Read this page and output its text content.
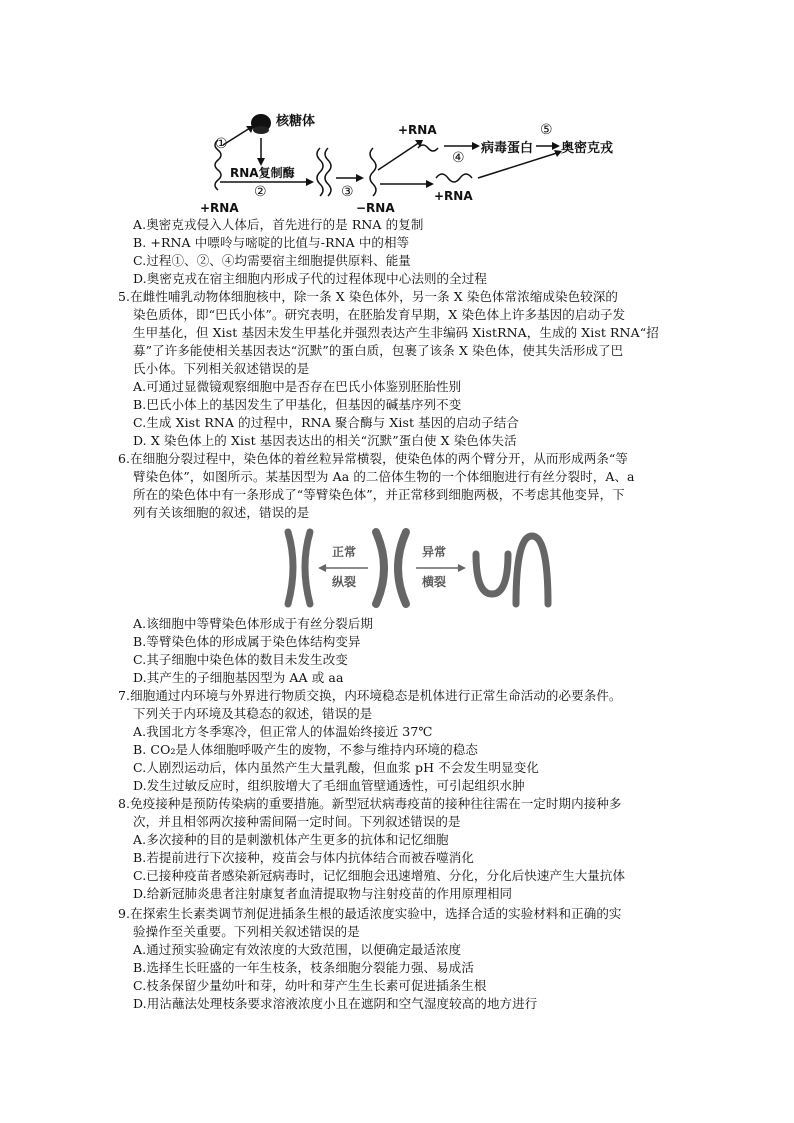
核糖体
①
+RNA
RNA复制酶
②	③
−RNA
+RNA
④
病毒蛋白
⑤
奥密克戎
+RNA
A.奥密克戎侵入人体后，首先进行的是 RNA 的复制
B. +RNA 中嘌呤与嘧啶的比值与-RNA 中的相等
C.过程①、②、④均需要宿主细胞提供原料、能量
D.奥密克戎在宿主细胞内形成子代的过程体现中心法则的全过程
5.在雌性哺乳动物体细胞核中，除一条 X 染色体外，另一条 X 染色体常浓缩成染色较深的
染色质体，即“巴氏小体”。研究表明，在胚胎发育早期，X 染色体上许多基因的启动子发
生甲基化，但 Xist 基因未发生甲基化并强烈表达产生非编码 XistRNA，生成的 Xist RNA“招
募”了许多能使相关基因表达“沉默”的蛋白质，包裹了该条 X 染色体，使其失活形成了巴
氏小体。下列相关叙述错误的是
A.可通过显微镜观察细胞中是否存在巴氏小体鉴别胚胎性别
B.巴氏小体上的基因发生了甲基化，但基因的碱基序列不变
C.生成 Xist RNA 的过程中，RNA 聚合酶与 Xist 基因的启动子结合
D. X 染色体上的 Xist 基因表达出的相关“沉默”蛋白使 X 染色体失活
6.在细胞分裂过程中，染色体的着丝粒异常横裂，使染色体的两个臂分开，从而形成两条“等
臂染色体”，如图所示。某基因型为 Aa 的二倍体生物的一个体细胞进行有丝分裂时，A、a
所在的染色体中有一条形成了“等臂染色体”，并正常移到细胞两极，不考虑其他变异，下
列有关该细胞的叙述，错误的是
正常
纵裂
异常
横裂
A.该细胞中等臂染色体形成于有丝分裂后期
B.等臂染色体的形成属于染色体结构变异
C.其子细胞中染色体的数目未发生改变
D.其产生的子细胞基因型为 AA 或 aa
7.细胞通过内环境与外界进行物质交换，内环境稳态是机体进行正常生命活动的必要条件。
下列关于内环境及其稳态的叙述，错误的是
A.我国北方冬季寒冷，但正常人的体温始终接近 37℃
B. CO₂是人体细胞呼吸产生的废物，不参与维持内环境的稳态
C.人剧烈运动后，体内虽然产生大量乳酸，但血浆 pH 不会发生明显变化
D.发生过敏反应时，组织胺增大了毛细血管壁通透性，可引起组织水肿
8.免疫接种是预防传染病的重要措施。新型冠状病毒疫苗的接种往往需在一定时期内接种多
次，并且相邻两次接种需间隔一定时间。下列叙述错误的是
A.多次接种的目的是刺激机体产生更多的抗体和记忆细胞
B.若提前进行下次接种，疫苗会与体内抗体结合而被吞噬消化
C.已接种疫苗者感染新冠病毒时，记忆细胞会迅速增殖、分化，分化后快速产生大量抗体
D.给新冠肺炎患者注射康复者血清提取物与注射疫苗的作用原理相同
9.在探索生长素类调节剂促进插条生根的最适浓度实验中，选择合适的实验材料和正确的实
验操作至关重要。下列相关叙述错误的是
A.通过预实验确定有效浓度的大致范围，以便确定最适浓度
B.选择生长旺盛的一年生枝条，枝条细胞分裂能力强、易成活
C.枝条保留少量幼叶和芽，幼叶和芽产生生长素可促进插条生根
D.用沾蘸法处理枝条要求溶液浓度小且在遮阴和空气湿度较高的地方进行
